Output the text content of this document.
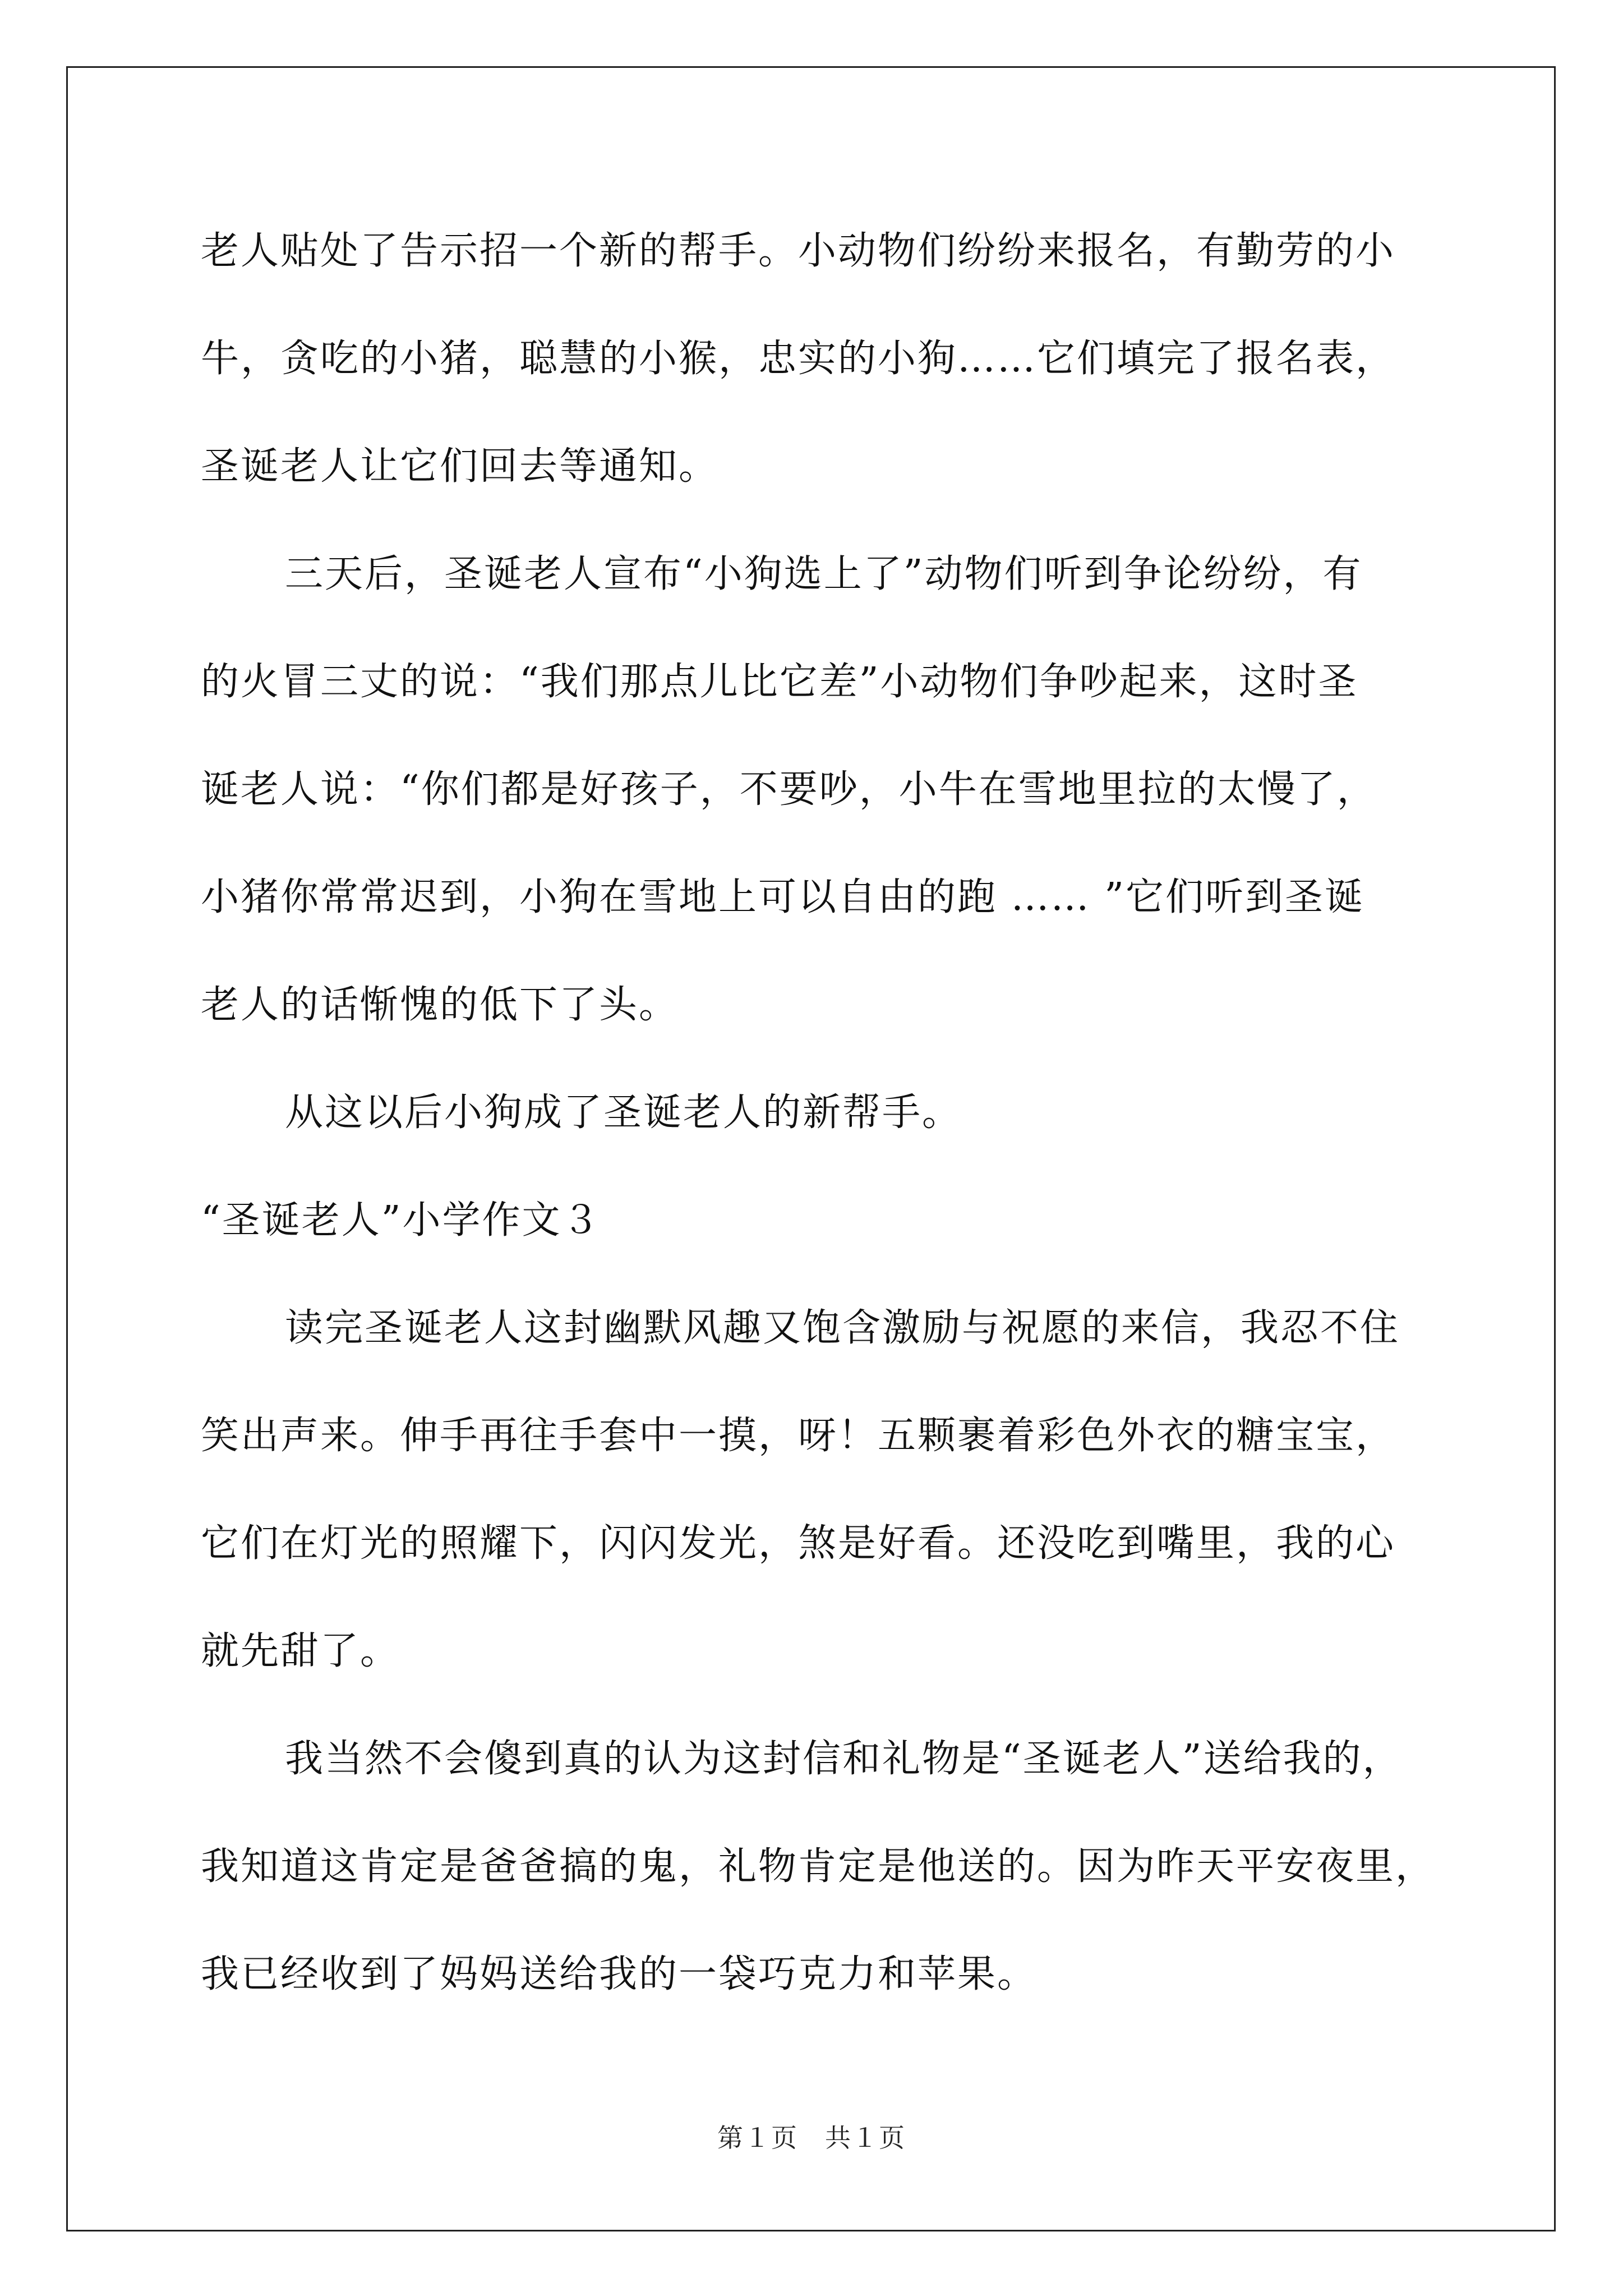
老人贴处了告示招一个新的帮手。小动物们纷纷来报名，有勤劳的小
牛，贪吃的小猪，聪慧的小猴，忠实的小狗……它们填完了报名表，
圣诞老人让它们回去等通知。
三天后，圣诞老人宣布“小狗选上了”动物们听到争论纷纷，有
的火冒三丈的说：“我们那点儿比它差”小动物们争吵起来，这时圣
诞老人说：“你们都是好孩子，不要吵，小牛在雪地里拉的太慢了，
小猪你常常迟到，小狗在雪地上可以自由的跑 …… ”它们听到圣诞
老人的话惭愧的低下了头。
从这以后小狗成了圣诞老人的新帮手。
“圣诞老人”小学作文３
读完圣诞老人这封幽默风趣又饱含激励与祝愿的来信，我忍不住
笑出声来。伸手再往手套中一摸，呀！五颗裹着彩色外衣的糖宝宝，
它们在灯光的照耀下，闪闪发光，煞是好看。还没吃到嘴里，我的心
就先甜了。
我当然不会傻到真的认为这封信和礼物是“圣诞老人”送给我的，
我知道这肯定是爸爸搞的鬼，礼物肯定是他送的。因为昨天平安夜里，
我已经收到了妈妈送给我的一袋巧克力和苹果。
第１页　共１页
